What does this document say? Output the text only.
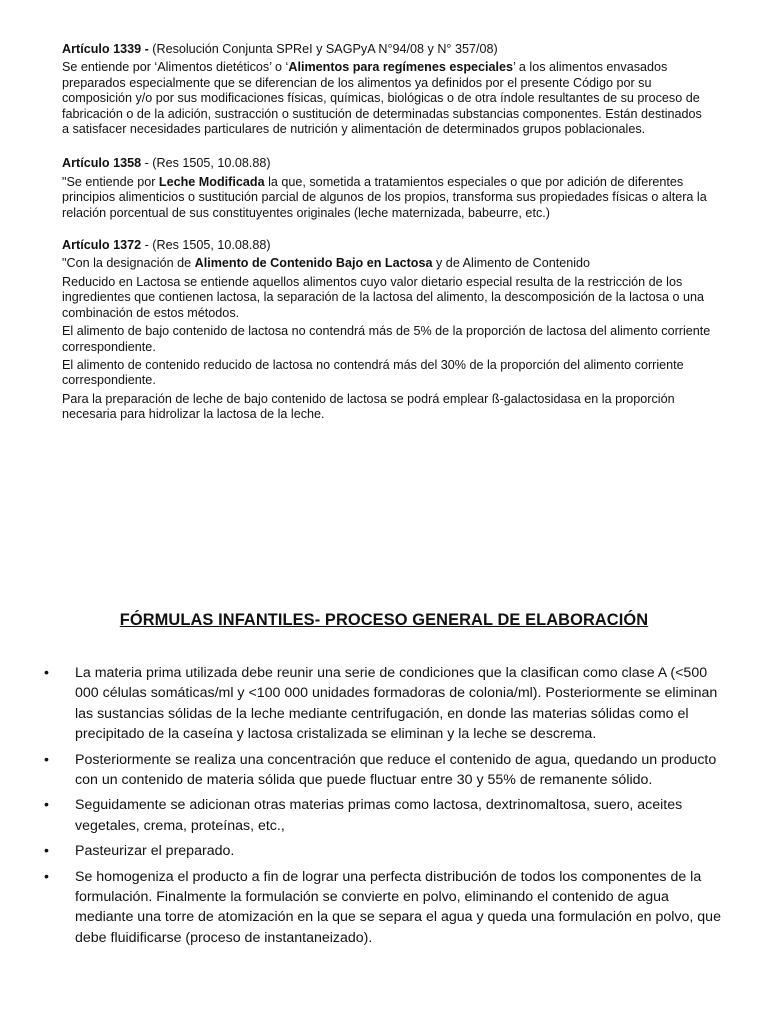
Artículo 1339 - (Resolución Conjunta SPReI y SAGPyA N°94/08 y N° 357/08)

Se entiende por ‘Alimentos dietéticos’ o ‘Alimentos para regímenes especiales’ a los alimentos envasados preparados especialmente que se diferencian de los alimentos ya definidos por el presente Código por su composición y/o por sus modificaciones físicas, químicas, biológicas o de otra índole resultantes de su proceso de fabricación o de la adición, sustracción o sustitución de determinadas substancias componentes. Están destinados a satisfacer necesidades particulares de nutrición y alimentación de determinados grupos poblacionales.

Artículo 1358 - (Res 1505, 10.08.88)

"Se entiende por Leche Modificada la que, sometida a tratamientos especiales o que por adición de diferentes principios alimenticios o sustitución parcial de algunos de los propios, transforma sus propiedades físicas o altera la relación porcentual de sus constituyentes originales (leche maternizada, babeurre, etc.)

Artículo 1372 - (Res 1505, 10.08.88)

"Con la designación de Alimento de Contenido Bajo en Lactosa y de Alimento de Contenido

Reducido en Lactosa se entiende aquellos alimentos cuyo valor dietario especial resulta de la restricción de los ingredientes que contienen lactosa, la separación de la lactosa del alimento, la descomposición de la lactosa o una combinación de estos métodos.

El alimento de bajo contenido de lactosa no contendrá más de 5% de la proporción de lactosa del alimento corriente correspondiente.

El alimento de contenido reducido de lactosa no contendrá más del 30% de la proporción del alimento corriente correspondiente.

Para la preparación de leche de bajo contenido de lactosa se podrá emplear ß-galactosidasa en la proporción necesaria para hidrolizar la lactosa de la leche.

FÓRMULAS INFANTILES- PROCESO GENERAL DE ELABORACIÓN
• La materia prima utilizada debe reunir una serie de condiciones que la clasifican como clase A (<500 000 células somáticas/ml y <100 000 unidades formadoras de colonia/ml). Posteriormente se eliminan las sustancias sólidas de la leche mediante centrifugación, en donde las materias sólidas como el precipitado de la caseína y lactosa cristalizada se eliminan y la leche se descrema.
• Posteriormente se realiza una concentración que reduce el contenido de agua, quedando un producto con un contenido de materia sólida que puede fluctuar entre 30 y 55% de remanente sólido.
• Seguidamente se adicionan otras materias primas como lactosa, dextrinomaltosa, suero, aceites vegetales, crema, proteínas, etc.,
• Pasteurizar el preparado.
• Se homogeniza el producto a fin de lograr una perfecta distribución de todos los componentes de la formulación. Finalmente la formulación se convierte en polvo, eliminando el contenido de agua mediante una torre de atomización en la que se separa el agua y queda una formulación en polvo, que debe fluidificarse (proceso de instantaneizado).
